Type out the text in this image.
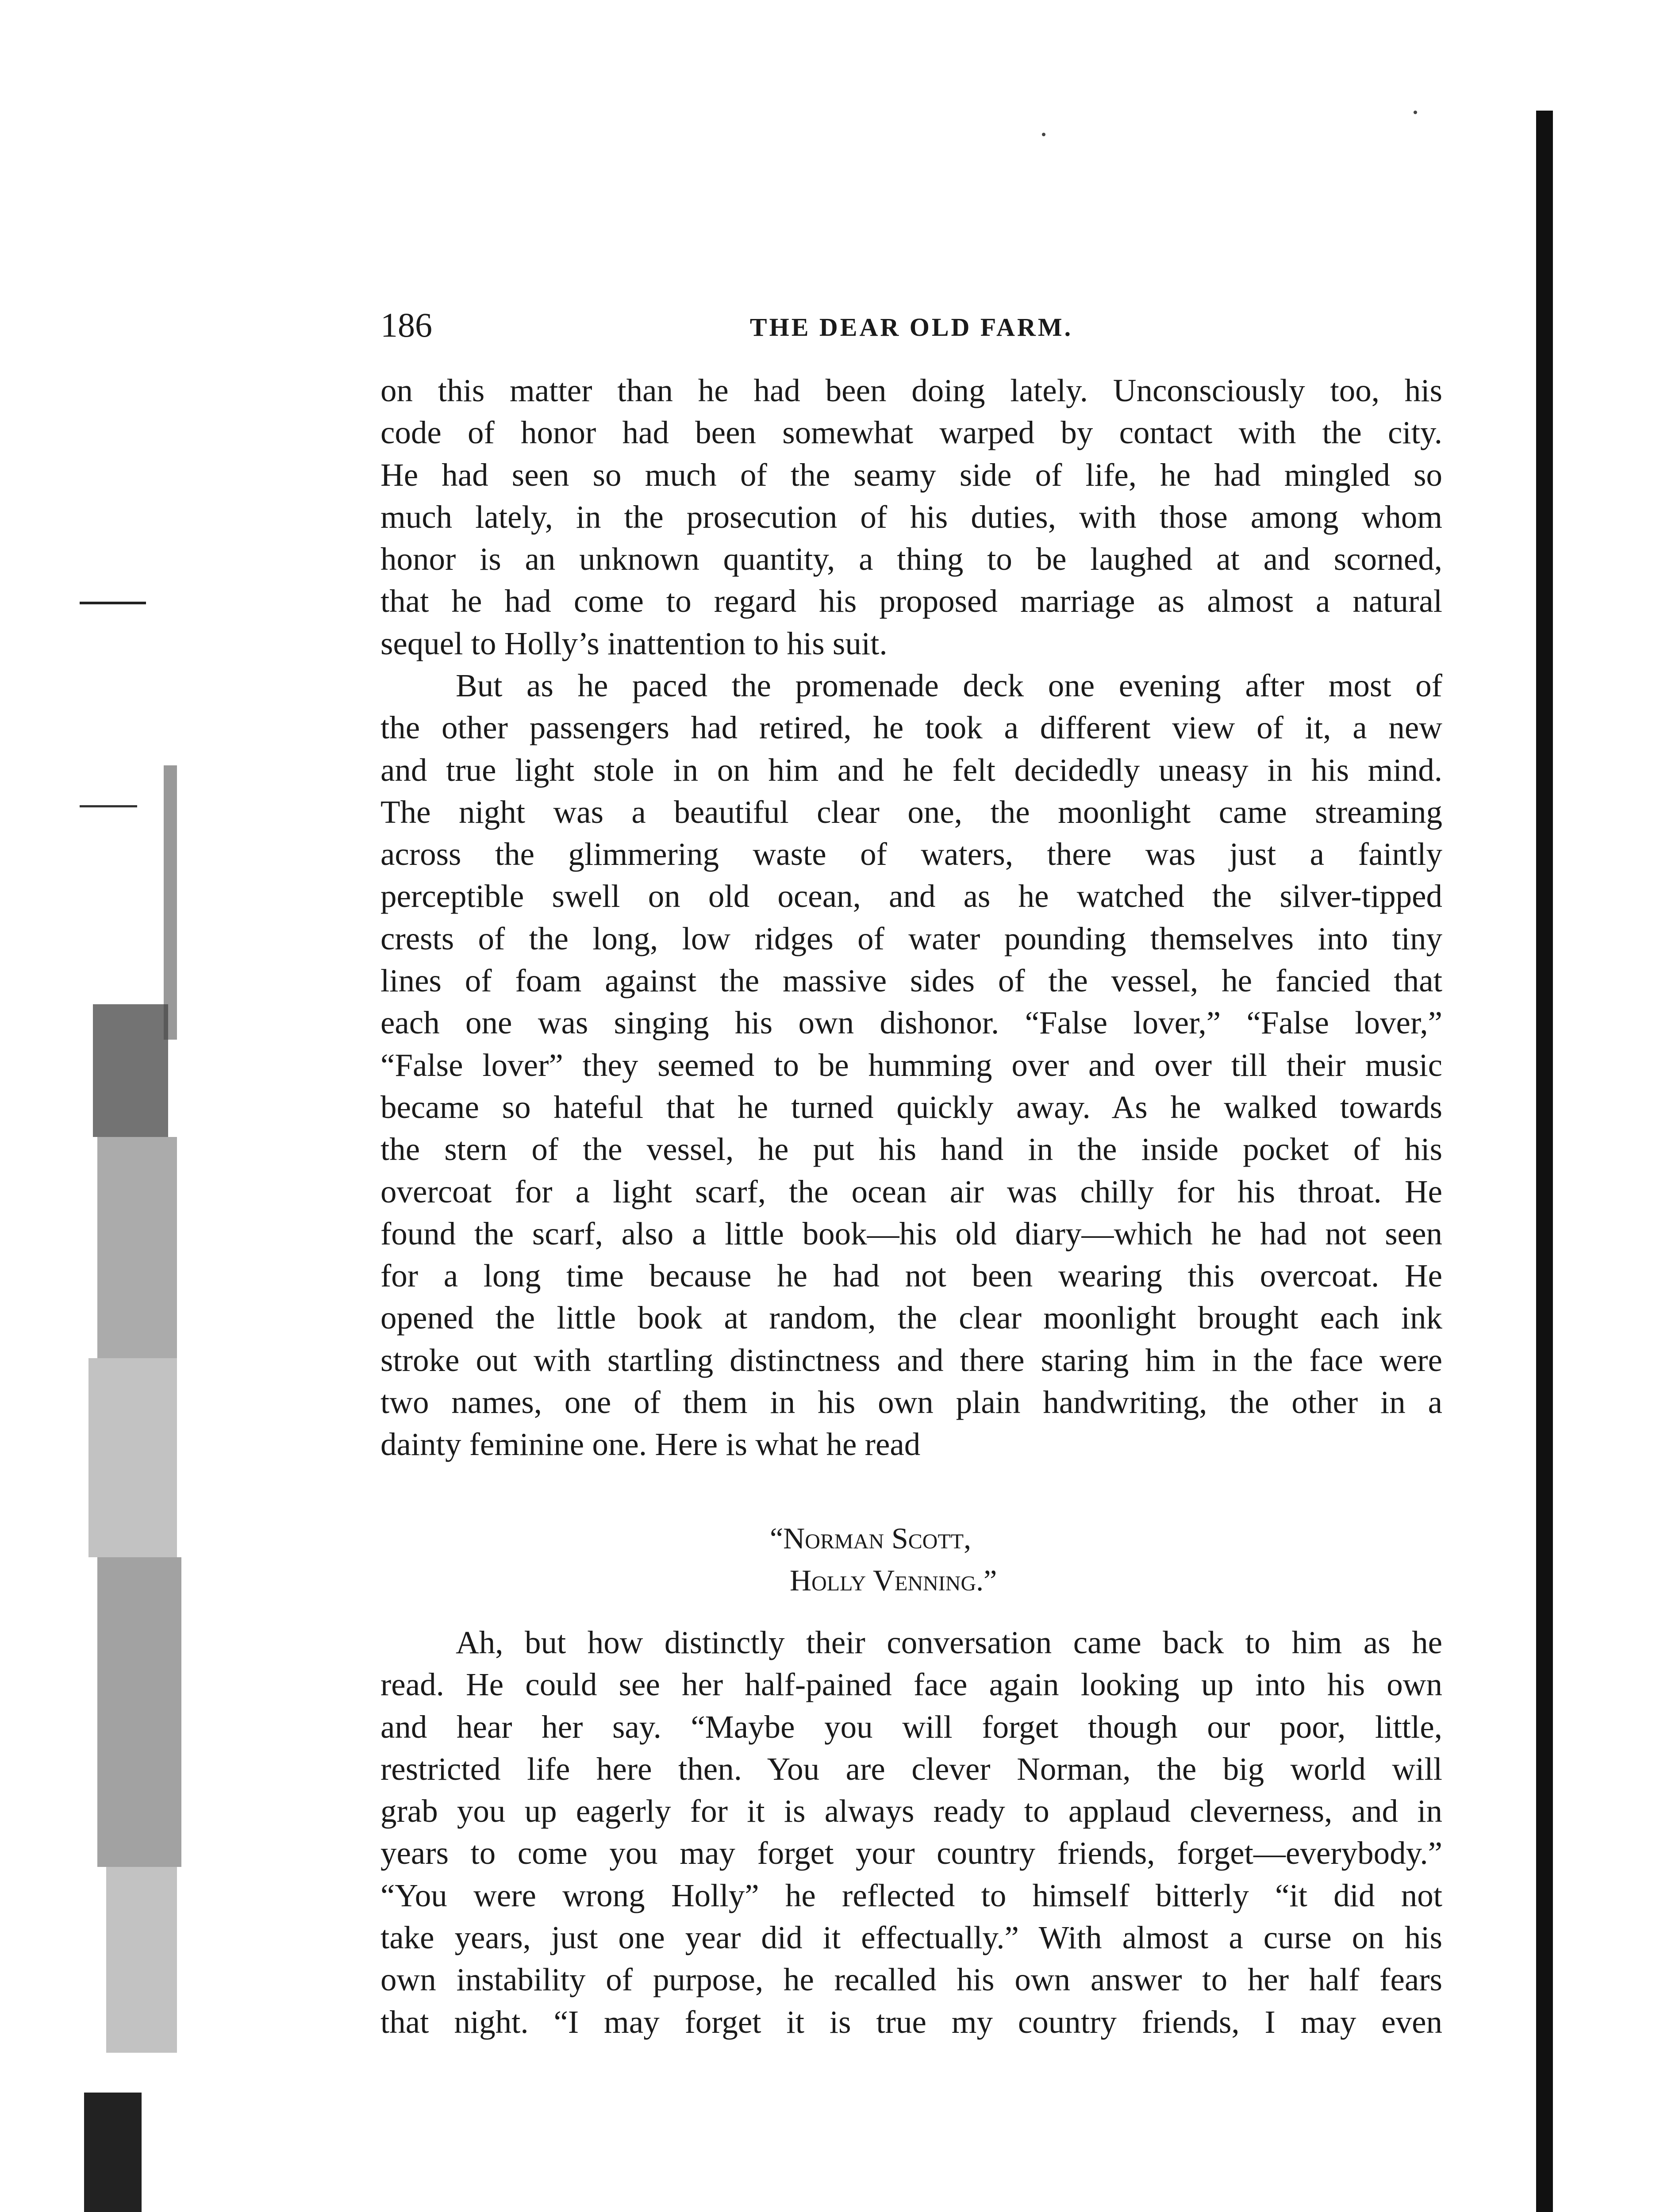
186	THE DEAR OLD FARM.
on this matter than he had been doing lately. Unconsciously too, his
code of honor had been somewhat warped by contact with the city.
He had seen so much of the seamy side of life, he had mingled so
much lately, in the prosecution of his duties, with those among whom
honor is an unknown quantity, a thing to be laughed at and scorned,
that he had come to regard his proposed marriage as almost a natural
sequel to Holly’s inattention to his suit.
But as he paced the promenade deck one evening after most of
the other passengers had retired, he took a different view of it, a new
and true light stole in on him and he felt decidedly uneasy in his mind.
The night was a beautiful clear one, the moonlight came streaming
across the glimmering waste of waters, there was just a faintly
perceptible swell on old ocean, and as he watched the silver-tipped
crests of the long, low ridges of water pounding themselves into tiny
lines of foam against the massive sides of the vessel, he fancied that
each one was singing his own dishonor. “False lover,” “False lover,”
“False lover” they seemed to be humming over and over till their music
became so hateful that he turned quickly away. As he walked towards
the stern of the vessel, he put his hand in the inside pocket of his
overcoat for a light scarf, the ocean air was chilly for his throat. He
found the scarf, also a little book—his old diary—which he had not seen
for a long time because he had not been wearing this overcoat. He
opened the little book at random, the clear moonlight brought each ink
stroke out with startling distinctness and there staring him in the face were
two names, one of them in his own plain handwriting, the other in a
dainty feminine one. Here is what he read
“Norman Scott,
Holly Venning.”
Ah, but how distinctly their conversation came back to him as he
read. He could see her half-pained face again looking up into his own
and hear her say. “Maybe you will forget though our poor, little,
restricted life here then. You are clever Norman, the big world will
grab you up eagerly for it is always ready to applaud cleverness, and in
years to come you may forget your country friends, forget—everybody.”
“You were wrong Holly” he reflected to himself bitterly “it did not
take years, just one year did it effectually.” With almost a curse on his
own instability of purpose, he recalled his own answer to her half fears
that night. “I may forget it is true my country friends, I may even
